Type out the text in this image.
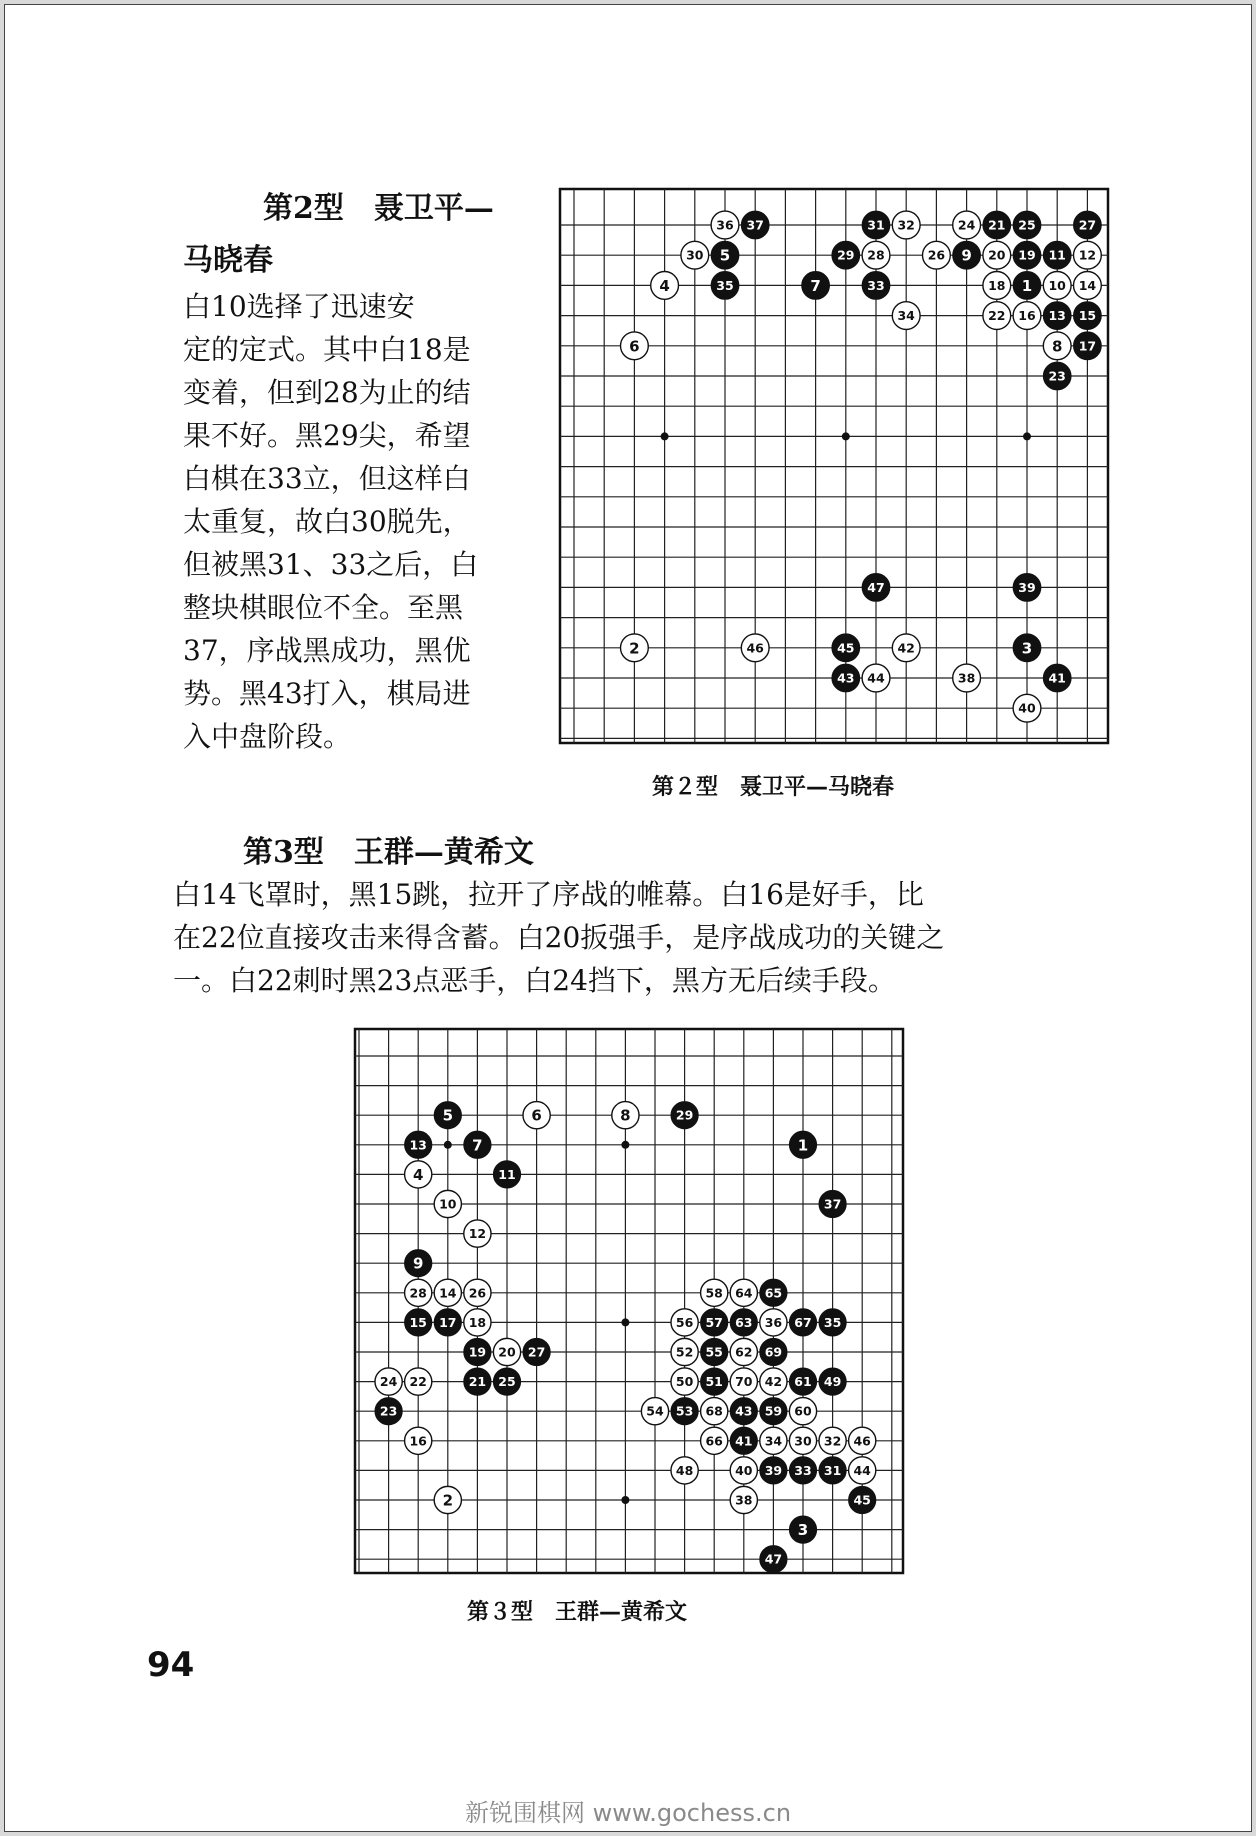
第2型　聂卫平—
马晓春
白10选择了迅速安
定的定式。其中白18是
变着，但到28为止的结
果不好。黑29尖，希望
白棋在33立，但这样白
太重复，故白30脱先，
但被黑31、33之后，白
整块棋眼位不全。至黑
37，序战黑成功，黑优
势。黑43打入，棋局进
入中盘阶段。
36 37	31 32	24 21 25	27
30 5	29 28	26 9 20 19 11 12
4	35	7	33	18 1 10 14
34	22 16 13 15
6	8 17
23
47	39
2	46	45	42	3
43 44	38	41
40
第２型　聂卫平—马晓春
第3型　王群—黄希文
白14飞罩时，黑15跳，拉开了序战的帷幕。白16是好手，比
在22位直接攻击来得含蓄。白20扳强手，是序战成功的关键之
一。白22刺时黑23点恶手，白24挡下，黑方无后续手段。
5	6	8	29
13	7	1
4	11
10	37
12
9
28 14 26	58 64 65
15 17 18	56 57 63 36 67 35
19 20 27	52 55 62 69
24 22	21 25	50 51 70 42 61 49
23	54 53 68 43 59 60
16	66 41 34 30 32 46
48	40 39 33 31 44
2	38	45
3
47
第３型　王群—黄希文
94
新锐围棋网 www.gochess.cn
